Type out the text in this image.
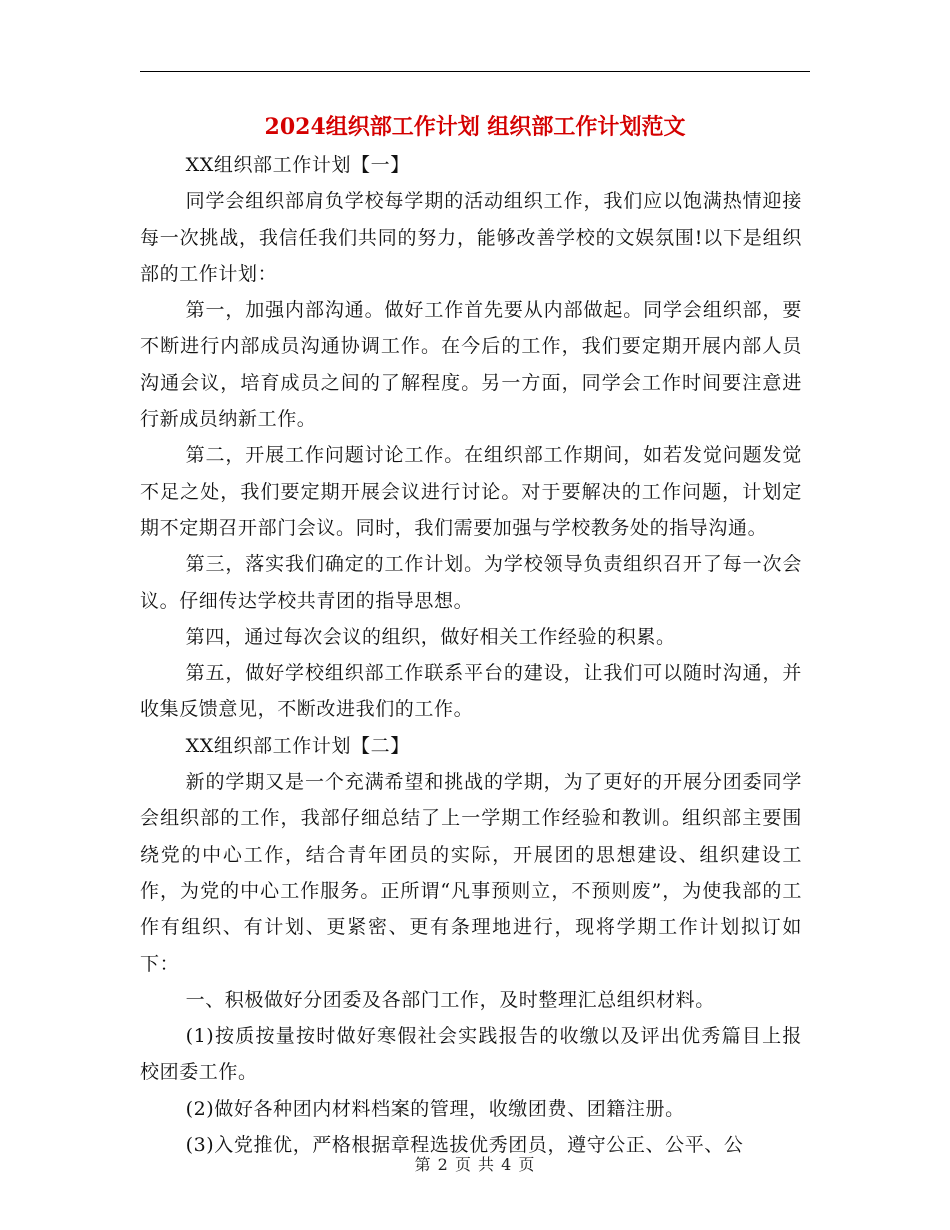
2024组织部工作计划 组织部工作计划范文

XX组织部工作计划【一】

同学会组织部肩负学校每学期的活动组织工作，我们应以饱满热情迎接每一次挑战，我信任我们共同的努力，能够改善学校的文娱氛围!以下是组织部的工作计划：

第一，加强内部沟通。做好工作首先要从内部做起。同学会组织部，要不断进行内部成员沟通协调工作。在今后的工作，我们要定期开展内部人员沟通会议，培育成员之间的了解程度。另一方面，同学会工作时间要注意进行新成员纳新工作。

第二，开展工作问题讨论工作。在组织部工作期间，如若发觉问题发觉不足之处，我们要定期开展会议进行讨论。对于要解决的工作问题，计划定期不定期召开部门会议。同时，我们需要加强与学校教务处的指导沟通。

第三，落实我们确定的工作计划。为学校领导负责组织召开了每一次会议。仔细传达学校共青团的指导思想。

第四，通过每次会议的组织，做好相关工作经验的积累。

第五，做好学校组织部工作联系平台的建设，让我们可以随时沟通，并收集反馈意见，不断改进我们的工作。

XX组织部工作计划【二】

新的学期又是一个充满希望和挑战的学期，为了更好的开展分团委同学会组织部的工作，我部仔细总结了上一学期工作经验和教训。组织部主要围绕党的中心工作，结合青年团员的实际，开展团的思想建设、组织建设工作，为党的中心工作服务。正所谓“凡事预则立，不预则废”，为使我部的工作有组织、有计划、更紧密、更有条理地进行，现将学期工作计划拟订如下：

一、积极做好分团委及各部门工作，及时整理汇总组织材料。

(1)按质按量按时做好寒假社会实践报告的收缴以及评出优秀篇目上报校团委工作。

(2)做好各种团内材料档案的管理，收缴团费、团籍注册。

(3)入党推优，严格根据章程选拔优秀团员，遵守公正、公平、公

第 2 页 共 4 页
